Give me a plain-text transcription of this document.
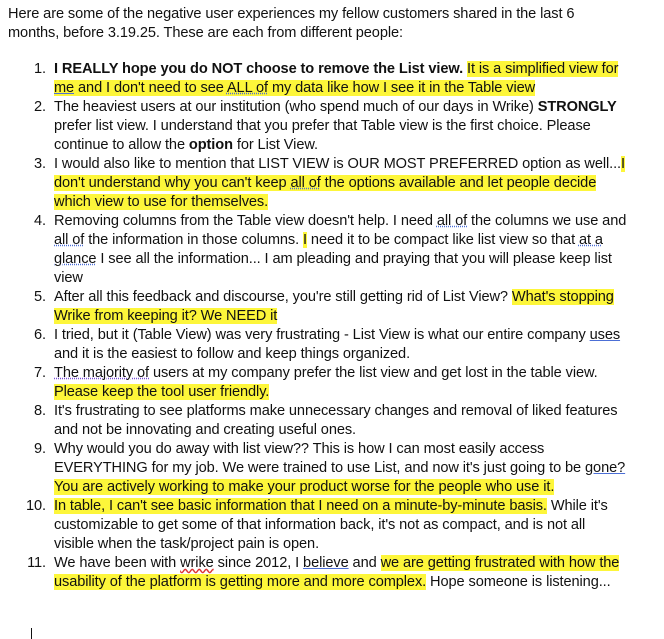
Here are some of the negative user experiences my fellow customers shared in the last 6 months, before 3.19.25. These are each from different people:

1. I REALLY hope you do NOT choose to remove the List view. It is a simplified view for me and I don't need to see ALL of my data like how I see it in the Table view
2. The heaviest users at our institution (who spend much of our days in Wrike) STRONGLY prefer list view. I understand that you prefer that Table view is the first choice. Please continue to allow the option for List View.
3. I would also like to mention that LIST VIEW is OUR MOST PREFERRED option as well...I don't understand why you can't keep all of the options available and let people decide which view to use for themselves.
4. Removing columns from the Table view doesn't help. I need all of the columns we use and all of the information in those columns. I need it to be compact like list view so that at a glance I see all the information... I am pleading and praying that you will please keep list view
5. After all this feedback and discourse, you're still getting rid of List View? What's stopping Wrike from keeping it? We NEED it
6. I tried, but it (Table View) was very frustrating - List View is what our entire company uses and it is the easiest to follow and keep things organized.
7. The majority of users at my company prefer the list view and get lost in the table view. Please keep the tool user friendly.
8. It's frustrating to see platforms make unnecessary changes and removal of liked features and not be innovating and creating useful ones.
9. Why would you do away with list view?? This is how I can most easily access EVERYTHING for my job. We were trained to use List, and now it's just going to be gone? You are actively working to make your product worse for the people who use it.
10. In table, I can't see basic information that I need on a minute-by-minute basis. While it's customizable to get some of that information back, it's not as compact, and is not all visible when the task/project pain is open.
11. We have been with wrike since 2012, I believe and we are getting frustrated with how the usability of the platform is getting more and more complex. Hope someone is listening...
